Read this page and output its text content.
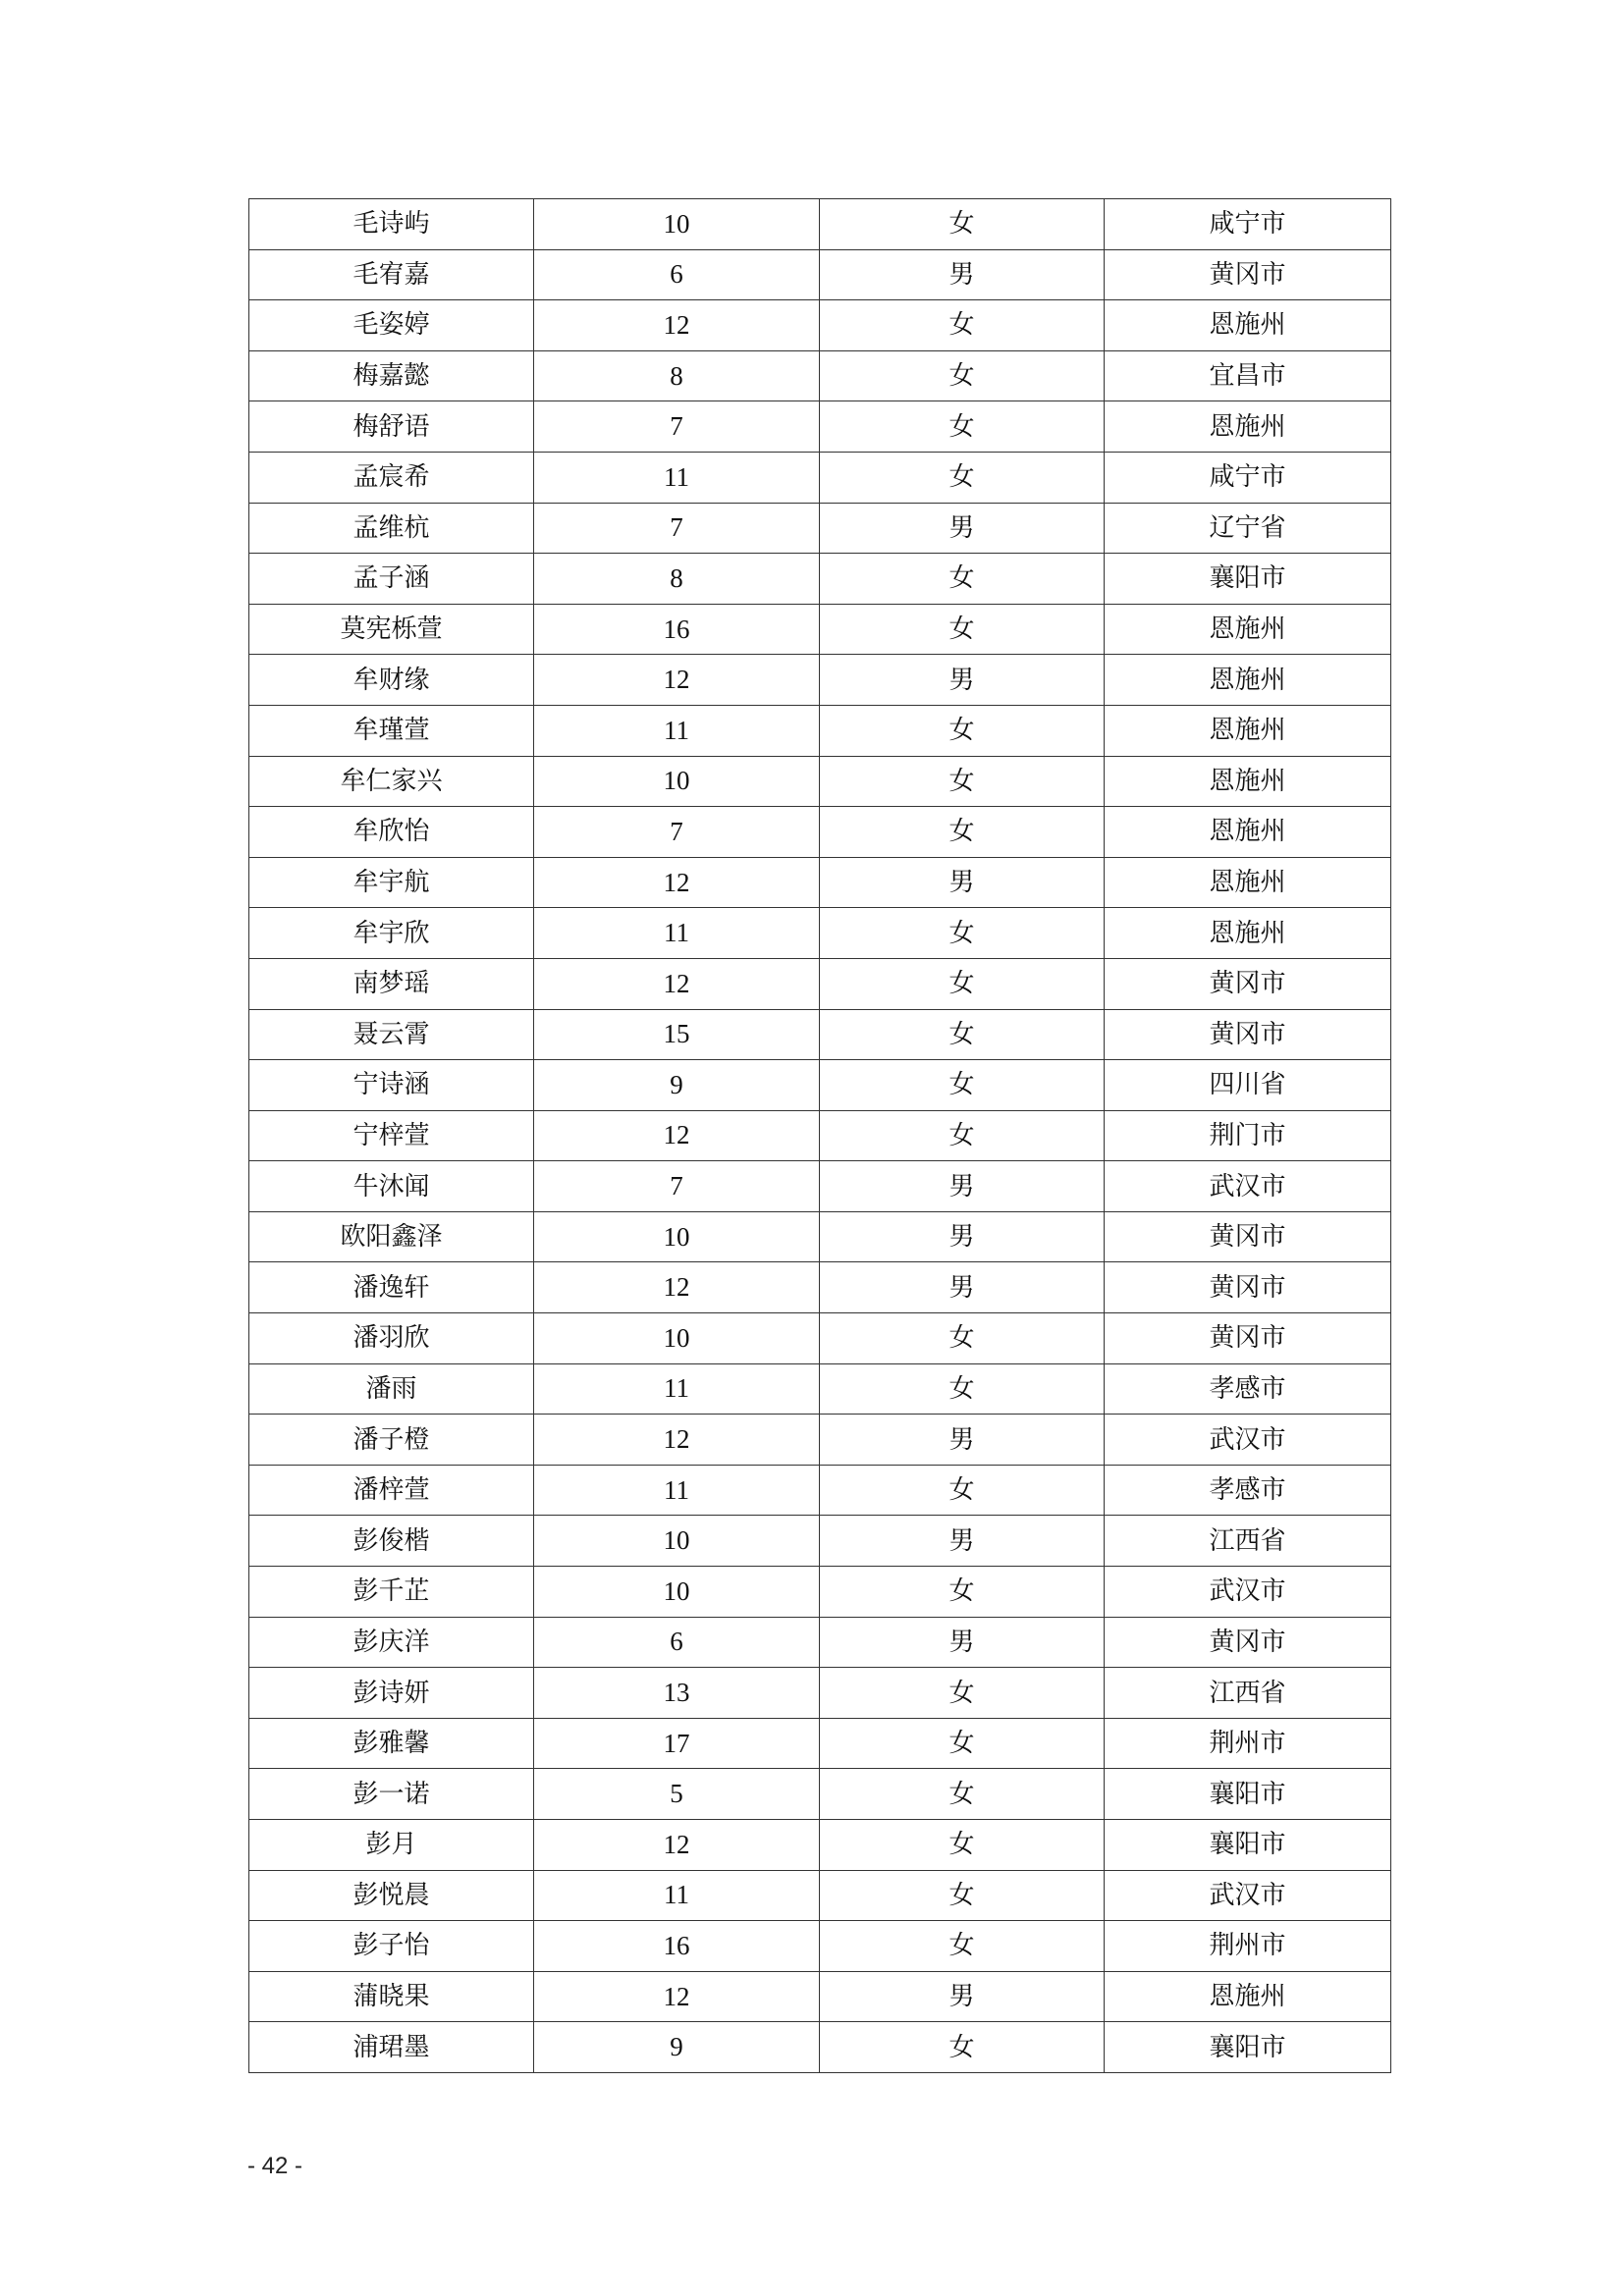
毛诗屿	10	女	咸宁市
毛宥嘉	6	男	黄冈市
毛姿婷	12	女	恩施州
梅嘉懿	8	女	宜昌市
梅舒语	7	女	恩施州
孟宸希	11	女	咸宁市
孟维杭	7	男	辽宁省
孟子涵	8	女	襄阳市
莫宪栎萱	16	女	恩施州
牟财缘	12	男	恩施州
牟瑾萱	11	女	恩施州
牟仁家兴	10	女	恩施州
牟欣怡	7	女	恩施州
牟宇航	12	男	恩施州
牟宇欣	11	女	恩施州
南梦瑶	12	女	黄冈市
聂云霄	15	女	黄冈市
宁诗涵	9	女	四川省
宁梓萱	12	女	荆门市
牛沐闻	7	男	武汉市
欧阳鑫泽	10	男	黄冈市
潘逸轩	12	男	黄冈市
潘羽欣	10	女	黄冈市
潘雨	11	女	孝感市
潘子橙	12	男	武汉市
潘梓萱	11	女	孝感市
彭俊楷	10	男	江西省
彭千芷	10	女	武汉市
彭庆洋	6	男	黄冈市
彭诗妍	13	女	江西省
彭雅馨	17	女	荆州市
彭一诺	5	女	襄阳市
彭月	12	女	襄阳市
彭悦晨	11	女	武汉市
彭子怡	16	女	荆州市
蒲晓果	12	男	恩施州
浦珺墨	9	女	襄阳市
- 42 -
